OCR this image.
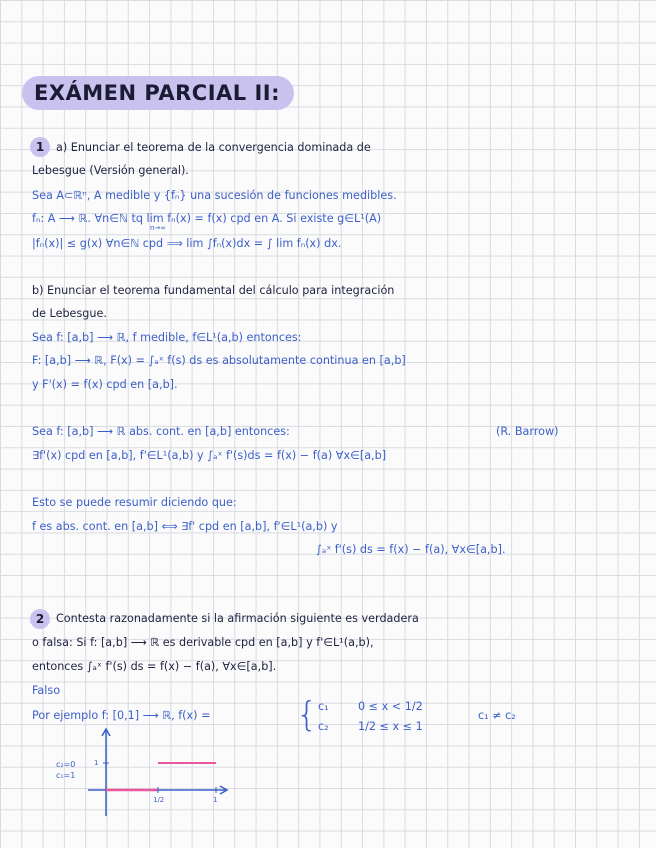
EXÁMEN PARCIAL II:
1	a) Enunciar el teorema de la convergencia dominada de
Lebesgue (Versión general).
Sea A⊂ℝⁿ, A medible y {fₙ} una sucesión de funciones medibles.
fₙ: A ⟶ ℝ. ∀n∈ℕ tq lim fₙ(x) = f(x) cpd en A. Si existe g∈L¹(A)
n→∞
|fₙ(x)| ≤ g(x) ∀n∈ℕ cpd ⟹ lim ∫fₙ(x)dx = ∫ lim fₙ(x) dx.
b) Enunciar el teorema fundamental del cálculo para integración
de Lebesgue.
Sea f: [a,b] ⟶ ℝ, f medible, f∈L¹(a,b) entonces:
F: [a,b] ⟶ ℝ, F(x) = ∫ₐˣ f(s) ds es absolutamente continua en [a,b]
y F'(x) = f(x) cpd en [a,b].
Sea f: [a,b] ⟶ ℝ abs. cont. en [a,b] entonces:	(R. Barrow)
∃f'(x) cpd en [a,b], f'∈L¹(a,b) y ∫ₐˣ f'(s)ds = f(x) − f(a) ∀x∈[a,b]
Esto se puede resumir diciendo que:
f es abs. cont. en [a,b] ⟺ ∃f' cpd en [a,b], f'∈L¹(a,b) y
∫ₐˣ f'(s) ds = f(x) − f(a), ∀x∈[a,b].
2	Contesta razonadamente si la afirmación siguiente es verdadera
o falsa: Si f: [a,b] ⟶ ℝ es derivable cpd en [a,b] y f'∈L¹(a,b),
entonces ∫ₐˣ f'(s) ds = f(x) − f(a), ∀x∈[a,b].
Falso
Por ejemplo f: [0,1] ⟶ ℝ, f(x) =	{ c₁	0 ≤ x < 1/2
c₂	1/2 ≤ x ≤ 1
c₁ ≠ c₂
c₂=0
c₁=1
1
1/2	1
